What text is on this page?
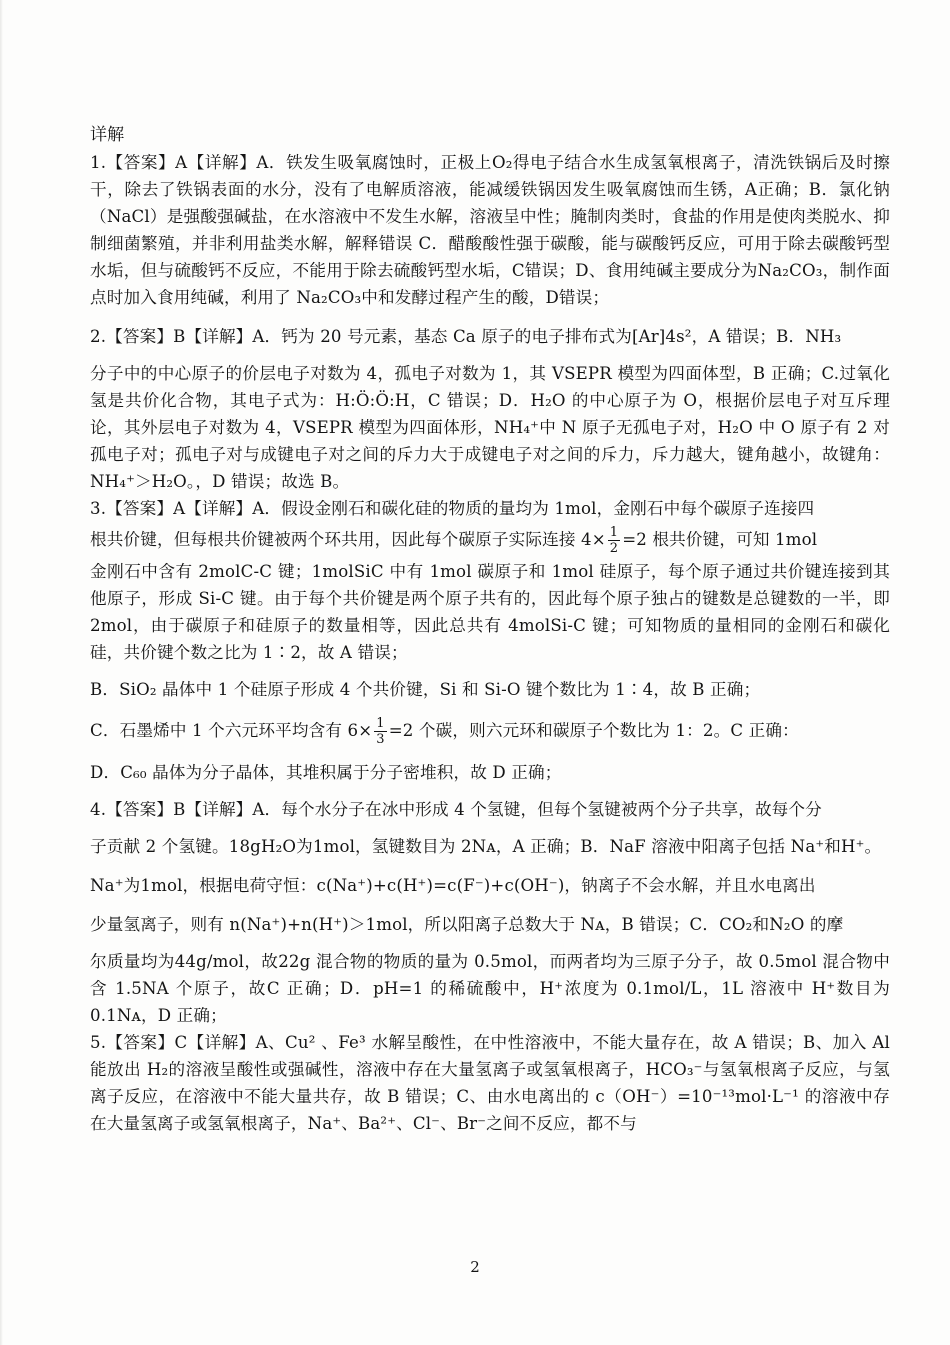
详解

1.【答案】A【详解】A．铁发生吸氧腐蚀时，正极上O₂得电子结合水生成氢氧根离子，清洗铁锅后及时擦干，除去了铁锅表面的水分，没有了电解质溶液，能减缓铁锅因发生吸氧腐蚀而生锈，A正确；B．氯化钠（NaCl）是强酸强碱盐，在水溶液中不发生水解，溶液呈中性；腌制肉类时，食盐的作用是使肉类脱水、抑制细菌繁殖，并非利用盐类水解，解释错误 C．醋酸酸性强于碳酸，能与碳酸钙反应，可用于除去碳酸钙型水垢，但与硫酸钙不反应，不能用于除去硫酸钙型水垢，C错误；D、食用纯碱主要成分为Na₂CO₃，制作面点时加入食用纯碱，利用了 Na₂CO₃中和发酵过程产生的酸，D错误；

2.【答案】B【详解】A．钙为 20 号元素，基态 Ca 原子的电子排布式为[Ar]4s²，A 错误；B．NH₃

分子中的中心原子的价层电子对数为 4，孤电子对数为 1，其 VSEPR 模型为四面体型，B 正确；C.过氧化氢是共价化合物，其电子式为：H:Ö:Ö:H，C 错误；D．H₂O 的中心原子为 O，根据价层电子对互斥理论，其外层电子对数为 4，VSEPR 模型为四面体形，NH₄⁺中 N 原子无孤电子对，H₂O 中 O 原子有 2 对孤电子对；孤电子对与成键电子对之间的斥力大于成键电子对之间的斥力，斥力越大，键角越小，故键角：NH₄⁺＞H₂O。，D 错误；故选 B。

3.【答案】A【详解】A．假设金刚石和碳化硅的物质的量均为 1mol，金刚石中每个碳原子连接四

根共价键，但每根共价键被两个环共用，因此每个碳原子实际连接 $4\times \frac{1}{2} =2$ 根共价键，可知 1mol

金刚石中含有 2molC-C 键；1molSiC 中有 1mol 碳原子和 1mol 硅原子，每个原子通过共价键连接到其他原子，形成 Si-C 键。由于每个共价键是两个原子共有的，因此每个原子独占的键数是总键数的一半，即 2mol，由于碳原子和硅原子的数量相等，因此总共有 4molSi-C 键；可知物质的量相同的金刚石和碳化硅，共价键个数之比为 1∶2，故 A 错误；

B．SiO₂ 晶体中 1 个硅原子形成 4 个共价键，Si 和 Si-O 键个数比为 1∶4，故 B 正确；

C．石墨烯中 1 个六元环平均含有 $6\times \frac{1}{3} =2$ 个碳，则六元环和碳原子个数比为 1：2。C 正确：

D．C₆₀ 晶体为分子晶体，其堆积属于分子密堆积，故 D 正确；

4.【答案】B【详解】A．每个水分子在冰中形成 4 个氢键，但每个氢键被两个分子共享，故每个分

子贡献 2 个氢键。18gH₂O为1mol，氢键数目为 2Nᴀ，A 正确；B．NaF 溶液中阳离子包括 Na⁺和H⁺。

Na⁺为1mol，根据电荷守恒：c(Na⁺)+c(H⁺)=c(F⁻)+c(OH⁻)，钠离子不会水解，并且水电离出

少量氢离子，则有 n(Na⁺)+n(H⁺)＞1mol，所以阳离子总数大于 Nᴀ，B 错误；C．CO₂和N₂O 的摩

尔质量均为44g/mol，故22g 混合物的物质的量为 0.5mol，而两者均为三原子分子，故 0.5mol 混合物中含 1.5NA 个原子，故C 正确；D．pH=1 的稀硫酸中，H⁺浓度为 0.1mol/L，1L 溶液中 H⁺数目为 0.1Nᴀ，D 正确；

5.【答案】C【详解】A、Cu² 、Fe³ 水解呈酸性，在中性溶液中，不能大量存在，故 A 错误；B、加入 Al 能放出 H₂的溶液呈酸性或强碱性，溶液中存在大量氢离子或氢氧根离子，HCO₃⁻与氢氧根离子反应，与氢离子反应，在溶液中不能大量共存，故 B 错误；C、由水电离出的 c（OH⁻）=10⁻¹³mol·L⁻¹ 的溶液中存在大量氢离子或氢氧根离子，Na⁺、Ba²⁺、Cl⁻、Br⁻之间不反应，都不与

2
